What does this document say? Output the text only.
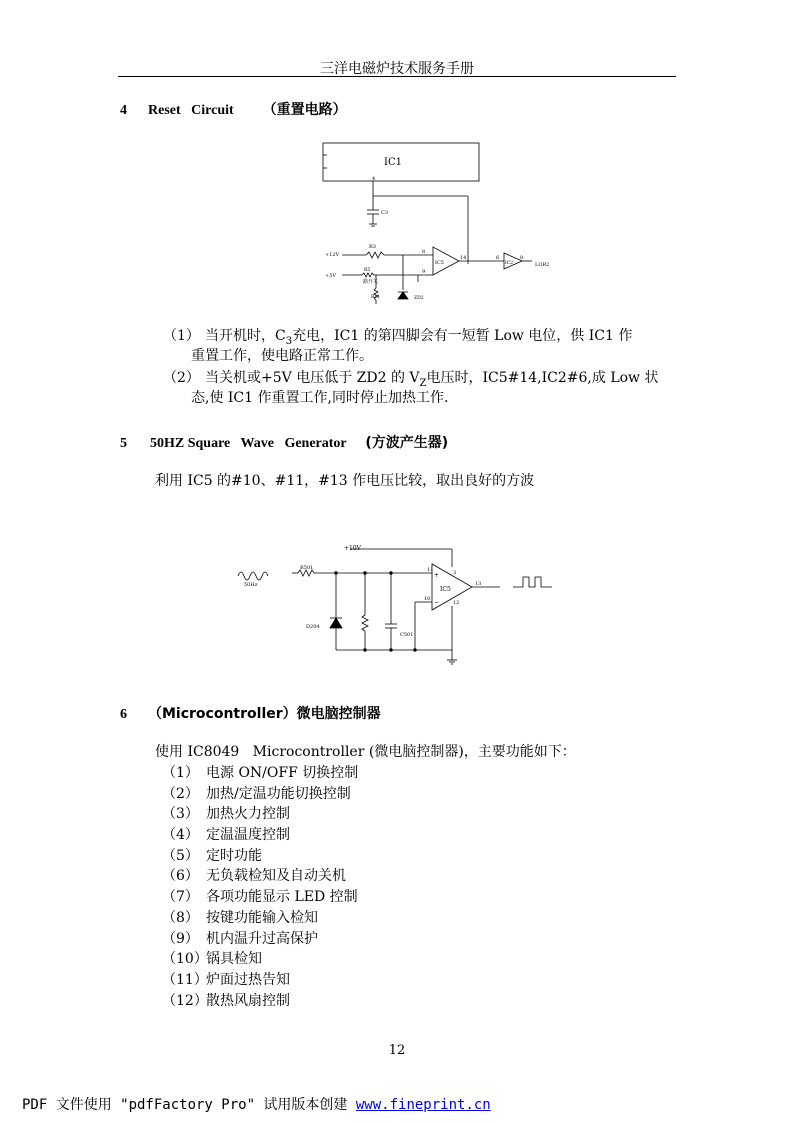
三洋电磁炉技术服务手册
4 Reset   Circuit （重置电路）
IC1
4
C3
+12V
R3
8
IC5
14	6
IC2
8
LOR2
+5V
R5	9
路开关
R11	ZD2
（1） 当开机时，$C_3$充电，IC1 的第四脚会有一短暂 Low 电位，供 IC1 作
重置工作，使电路正常工作。
（2） 当关机或+5V 电压低于 ZD2 的 $V_Z$电压时，IC5#14,IC2#6,成 Low 状
态,使 IC1 作重置工作,同时停止加热工作.
5 50HZ Square   Wave   Generator (方波产生器)
利用 IC5 的#10、#11，#13 作电压比较，取出良好的方波
50Hz
+10V
R501
D204
C501
+
−
11	3
IC5
10
12
13
6 （Microcontroller）微电脑控制器
使用 IC8049   Microcontroller (微电脑控制器)，主要功能如下：
（1） 电源 ON/OFF 切换控制
（2） 加热/定温功能切换控制
（3） 加热火力控制
（4） 定温温度控制
（5） 定时功能
（6） 无负载检知及自动关机
（7） 各项功能显示 LED 控制
（8） 按键功能输入检知
（9） 机内温升过高保护
（10）锅具检知
（11）炉面过热告知
（12）散热风扇控制
12
PDF 文件使用 "pdfFactory Pro" 试用版本创建 www.fineprint.cn
